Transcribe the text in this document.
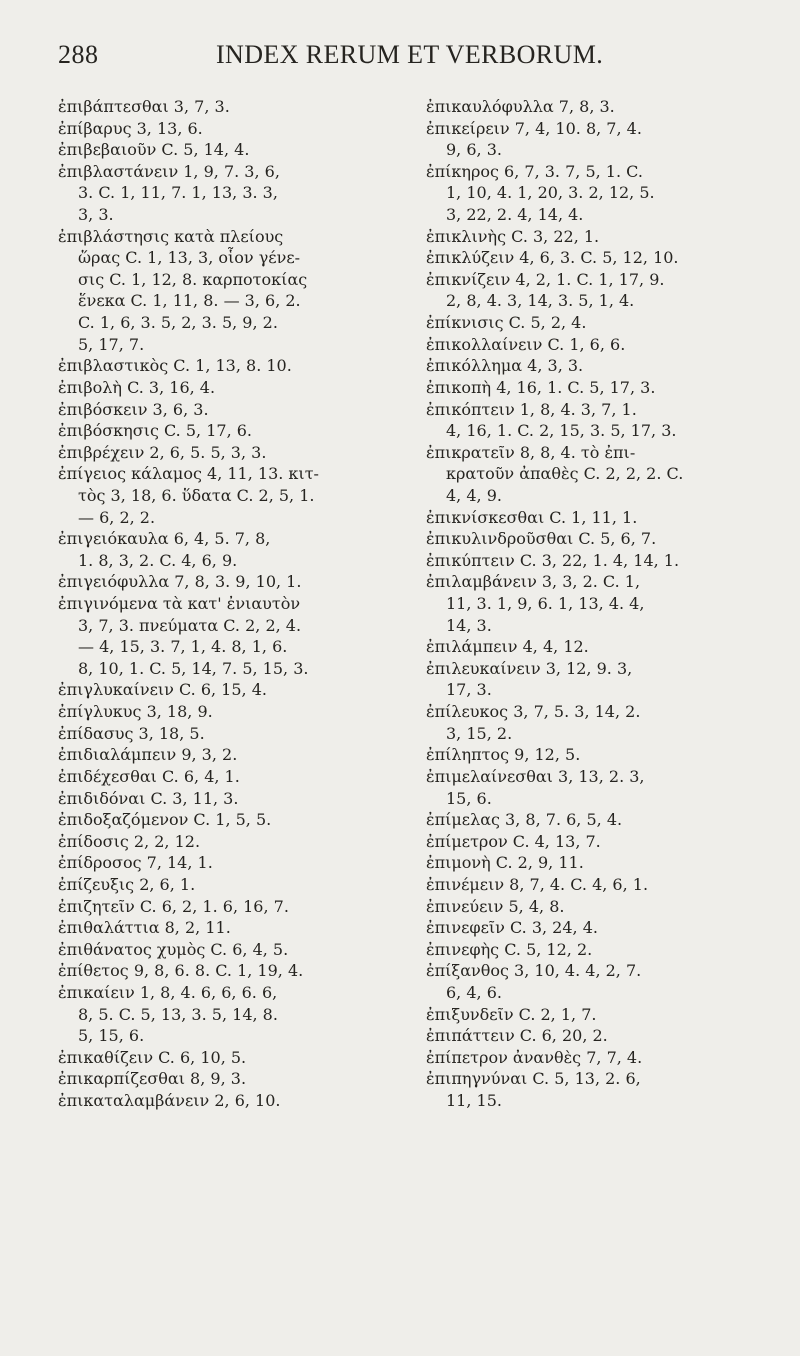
288	INDEX RERUM ET VERBORUM.
ἐπιβάπτεσθαι 3, 7, 3.
ἐπίβαρυς 3, 13, 6.
ἐπιβεβαιοῦν C. 5, 14, 4.
ἐπιβλαστάνειν 1, 9, 7. 3, 6,
3. C. 1, 11, 7. 1, 13, 3. 3,
3, 3.
ἐπιβλάστησις κατὰ πλείους
ὥρας C. 1, 13, 3, οἷον γένε-
σις C. 1, 12, 8. καρποτοκίας
ἕνεκα C. 1, 11, 8. — 3, 6, 2.
C. 1, 6, 3. 5, 2, 3. 5, 9, 2.
5, 17, 7.
ἐπιβλαστικὸς C. 1, 13, 8. 10.
ἐπιβολὴ C. 3, 16, 4.
ἐπιβόσκειν 3, 6, 3.
ἐπιβόσκησις C. 5, 17, 6.
ἐπιβρέχειν 2, 6, 5. 5, 3, 3.
ἐπίγειος κάλαμος 4, 11, 13. κιτ-
τὸς 3, 18, 6. ὕδατα C. 2, 5, 1.
— 6, 2, 2.
ἐπιγειόκαυλα 6, 4, 5. 7, 8,
1. 8, 3, 2. C. 4, 6, 9.
ἐπιγειόφυλλα 7, 8, 3. 9, 10, 1.
ἐπιγινόμενα τὰ κατ' ἐνιαυτὸν
3, 7, 3. πνεύματα C. 2, 2, 4.
— 4, 15, 3. 7, 1, 4. 8, 1, 6.
8, 10, 1. C. 5, 14, 7. 5, 15, 3.
ἐπιγλυκαίνειν C. 6, 15, 4.
ἐπίγλυκυς 3, 18, 9.
ἐπίδασυς 3, 18, 5.
ἐπιδιαλάμπειν 9, 3, 2.
ἐπιδέχεσθαι C. 6, 4, 1.
ἐπιδιδόναι C. 3, 11, 3.
ἐπιδοξαζόμενον C. 1, 5, 5.
ἐπίδοσις 2, 2, 12.
ἐπίδροσος 7, 14, 1.
ἐπίζευξις 2, 6, 1.
ἐπιζητεῖν C. 6, 2, 1. 6, 16, 7.
ἐπιθαλάττια 8, 2, 11.
ἐπιθάνατος χυμὸς C. 6, 4, 5.
ἐπίθετος 9, 8, 6. 8. C. 1, 19, 4.
ἐπικαίειν 1, 8, 4. 6, 6, 6. 6,
8, 5. C. 5, 13, 3. 5, 14, 8.
5, 15, 6.
ἐπικαθίζειν C. 6, 10, 5.
ἐπικαρπίζεσθαι 8, 9, 3.
ἐπικαταλαμβάνειν 2, 6, 10.
ἐπικαυλόφυλλα 7, 8, 3.
ἐπικείρειν 7, 4, 10. 8, 7, 4.
9, 6, 3.
ἐπίκηρος 6, 7, 3. 7, 5, 1. C.
1, 10, 4. 1, 20, 3. 2, 12, 5.
3, 22, 2. 4, 14, 4.
ἐπικλινὴς C. 3, 22, 1.
ἐπικλύζειν 4, 6, 3. C. 5, 12, 10.
ἐπικνίζειν 4, 2, 1. C. 1, 17, 9.
2, 8, 4. 3, 14, 3. 5, 1, 4.
ἐπίκνισις C. 5, 2, 4.
ἐπικολλαίνειν C. 1, 6, 6.
ἐπικόλλημα 4, 3, 3.
ἐπικοπὴ 4, 16, 1. C. 5, 17, 3.
ἐπικόπτειν 1, 8, 4. 3, 7, 1.
4, 16, 1. C. 2, 15, 3. 5, 17, 3.
ἐπικρατεῖν 8, 8, 4. τὸ ἐπι-
κρατοῦν ἀπαθὲς C. 2, 2, 2. C.
4, 4, 9.
ἐπικνίσκεσθαι C. 1, 11, 1.
ἐπικυλινδροῦσθαι C. 5, 6, 7.
ἐπικύπτειν C. 3, 22, 1. 4, 14, 1.
ἐπιλαμβάνειν 3, 3, 2. C. 1,
11, 3. 1, 9, 6. 1, 13, 4. 4,
14, 3.
ἐπιλάμπειν 4, 4, 12.
ἐπιλευκαίνειν 3, 12, 9. 3,
17, 3.
ἐπίλευκος 3, 7, 5. 3, 14, 2.
3, 15, 2.
ἐπίληπτος 9, 12, 5.
ἐπιμελαίνεσθαι 3, 13, 2. 3,
15, 6.
ἐπίμελας 3, 8, 7. 6, 5, 4.
ἐπίμετρον C. 4, 13, 7.
ἐπιμονὴ C. 2, 9, 11.
ἐπινέμειν 8, 7, 4. C. 4, 6, 1.
ἐπινεύειν 5, 4, 8.
ἐπινεφεῖν C. 3, 24, 4.
ἐπινεφὴς C. 5, 12, 2.
ἐπίξανθος 3, 10, 4. 4, 2, 7.
6, 4, 6.
ἐπιξυνδεῖν C. 2, 1, 7.
ἐπιπάττειν C. 6, 20, 2.
ἐπίπετρον ἀνανθὲς 7, 7, 4.
ἐπιπηγνύναι C. 5, 13, 2. 6,
11, 15.
